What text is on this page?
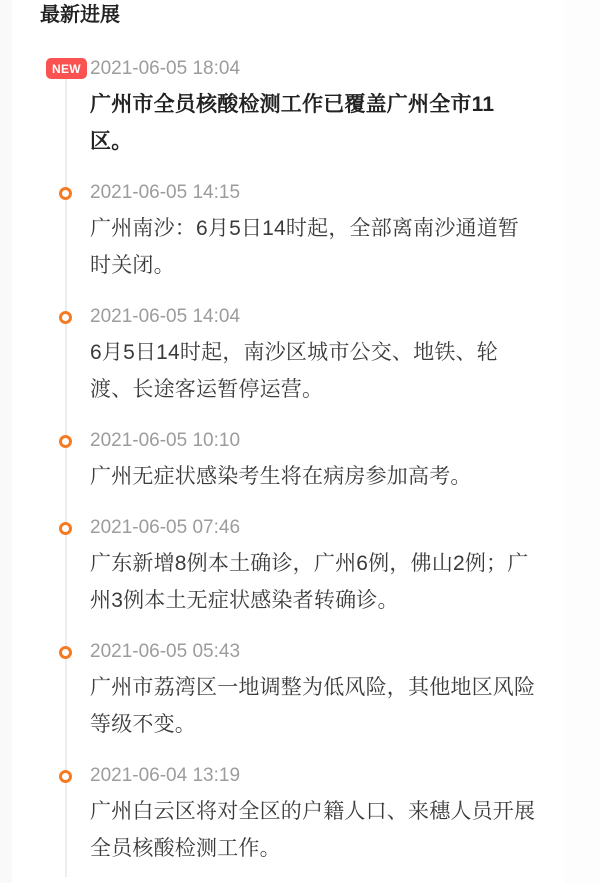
最新进展
NEW 2021-06-05 18:04
广州市全员核酸检测工作已覆盖广州全市11区。
2021-06-05 14:15
广州南沙：6月5日14时起，全部离南沙通道暂时关闭。
2021-06-05 14:04
6月5日14时起，南沙区城市公交、地铁、轮渡、长途客运暂停运营。
2021-06-05 10:10
广州无症状感染考生将在病房参加高考。
2021-06-05 07:46
广东新增8例本土确诊，广州6例，佛山2例；广州3例本土无症状感染者转确诊。
2021-06-05 05:43
广州市荔湾区一地调整为低风险，其他地区风险等级不变。
2021-06-04 13:19
广州白云区将对全区的户籍人口、来穗人员开展全员核酸检测工作。
